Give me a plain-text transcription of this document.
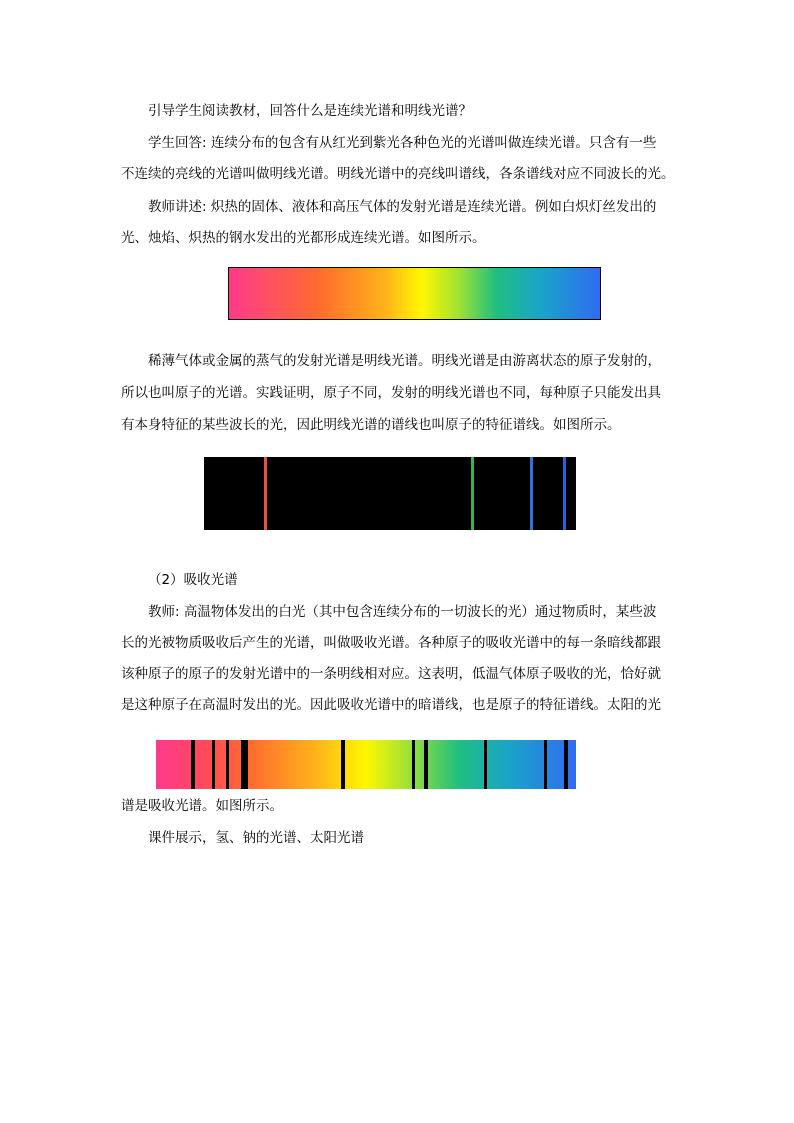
引导学生阅读教材，回答什么是连续光谱和明线光谱？
学生回答: 连续分布的包含有从红光到紫光各种色光的光谱叫做连续光谱。只含有一些
不连续的亮线的光谱叫做明线光谱。明线光谱中的亮线叫谱线，各条谱线对应不同波长的光。
教师讲述: 炽热的固体、液体和高压气体的发射光谱是连续光谱。例如白炽灯丝发出的
光、烛焰、炽热的钢水发出的光都形成连续光谱。如图所示。
稀薄气体或金属的蒸气的发射光谱是明线光谱。明线光谱是由游离状态的原子发射的，
所以也叫原子的光谱。实践证明，原子不同，发射的明线光谱也不同，每种原子只能发出具
有本身特征的某些波长的光，因此明线光谱的谱线也叫原子的特征谱线。如图所示。
（2）吸收光谱
教师: 高温物体发出的白光（其中包含连续分布的一切波长的光）通过物质时，某些波
长的光被物质吸收后产生的光谱，叫做吸收光谱。各种原子的吸收光谱中的每一条暗线都跟
该种原子的原子的发射光谱中的一条明线相对应。这表明，低温气体原子吸收的光，恰好就
是这种原子在高温时发出的光。因此吸收光谱中的暗谱线，也是原子的特征谱线。太阳的光
谱是吸收光谱。如图所示。
课件展示，氢、钠的光谱、太阳光谱
